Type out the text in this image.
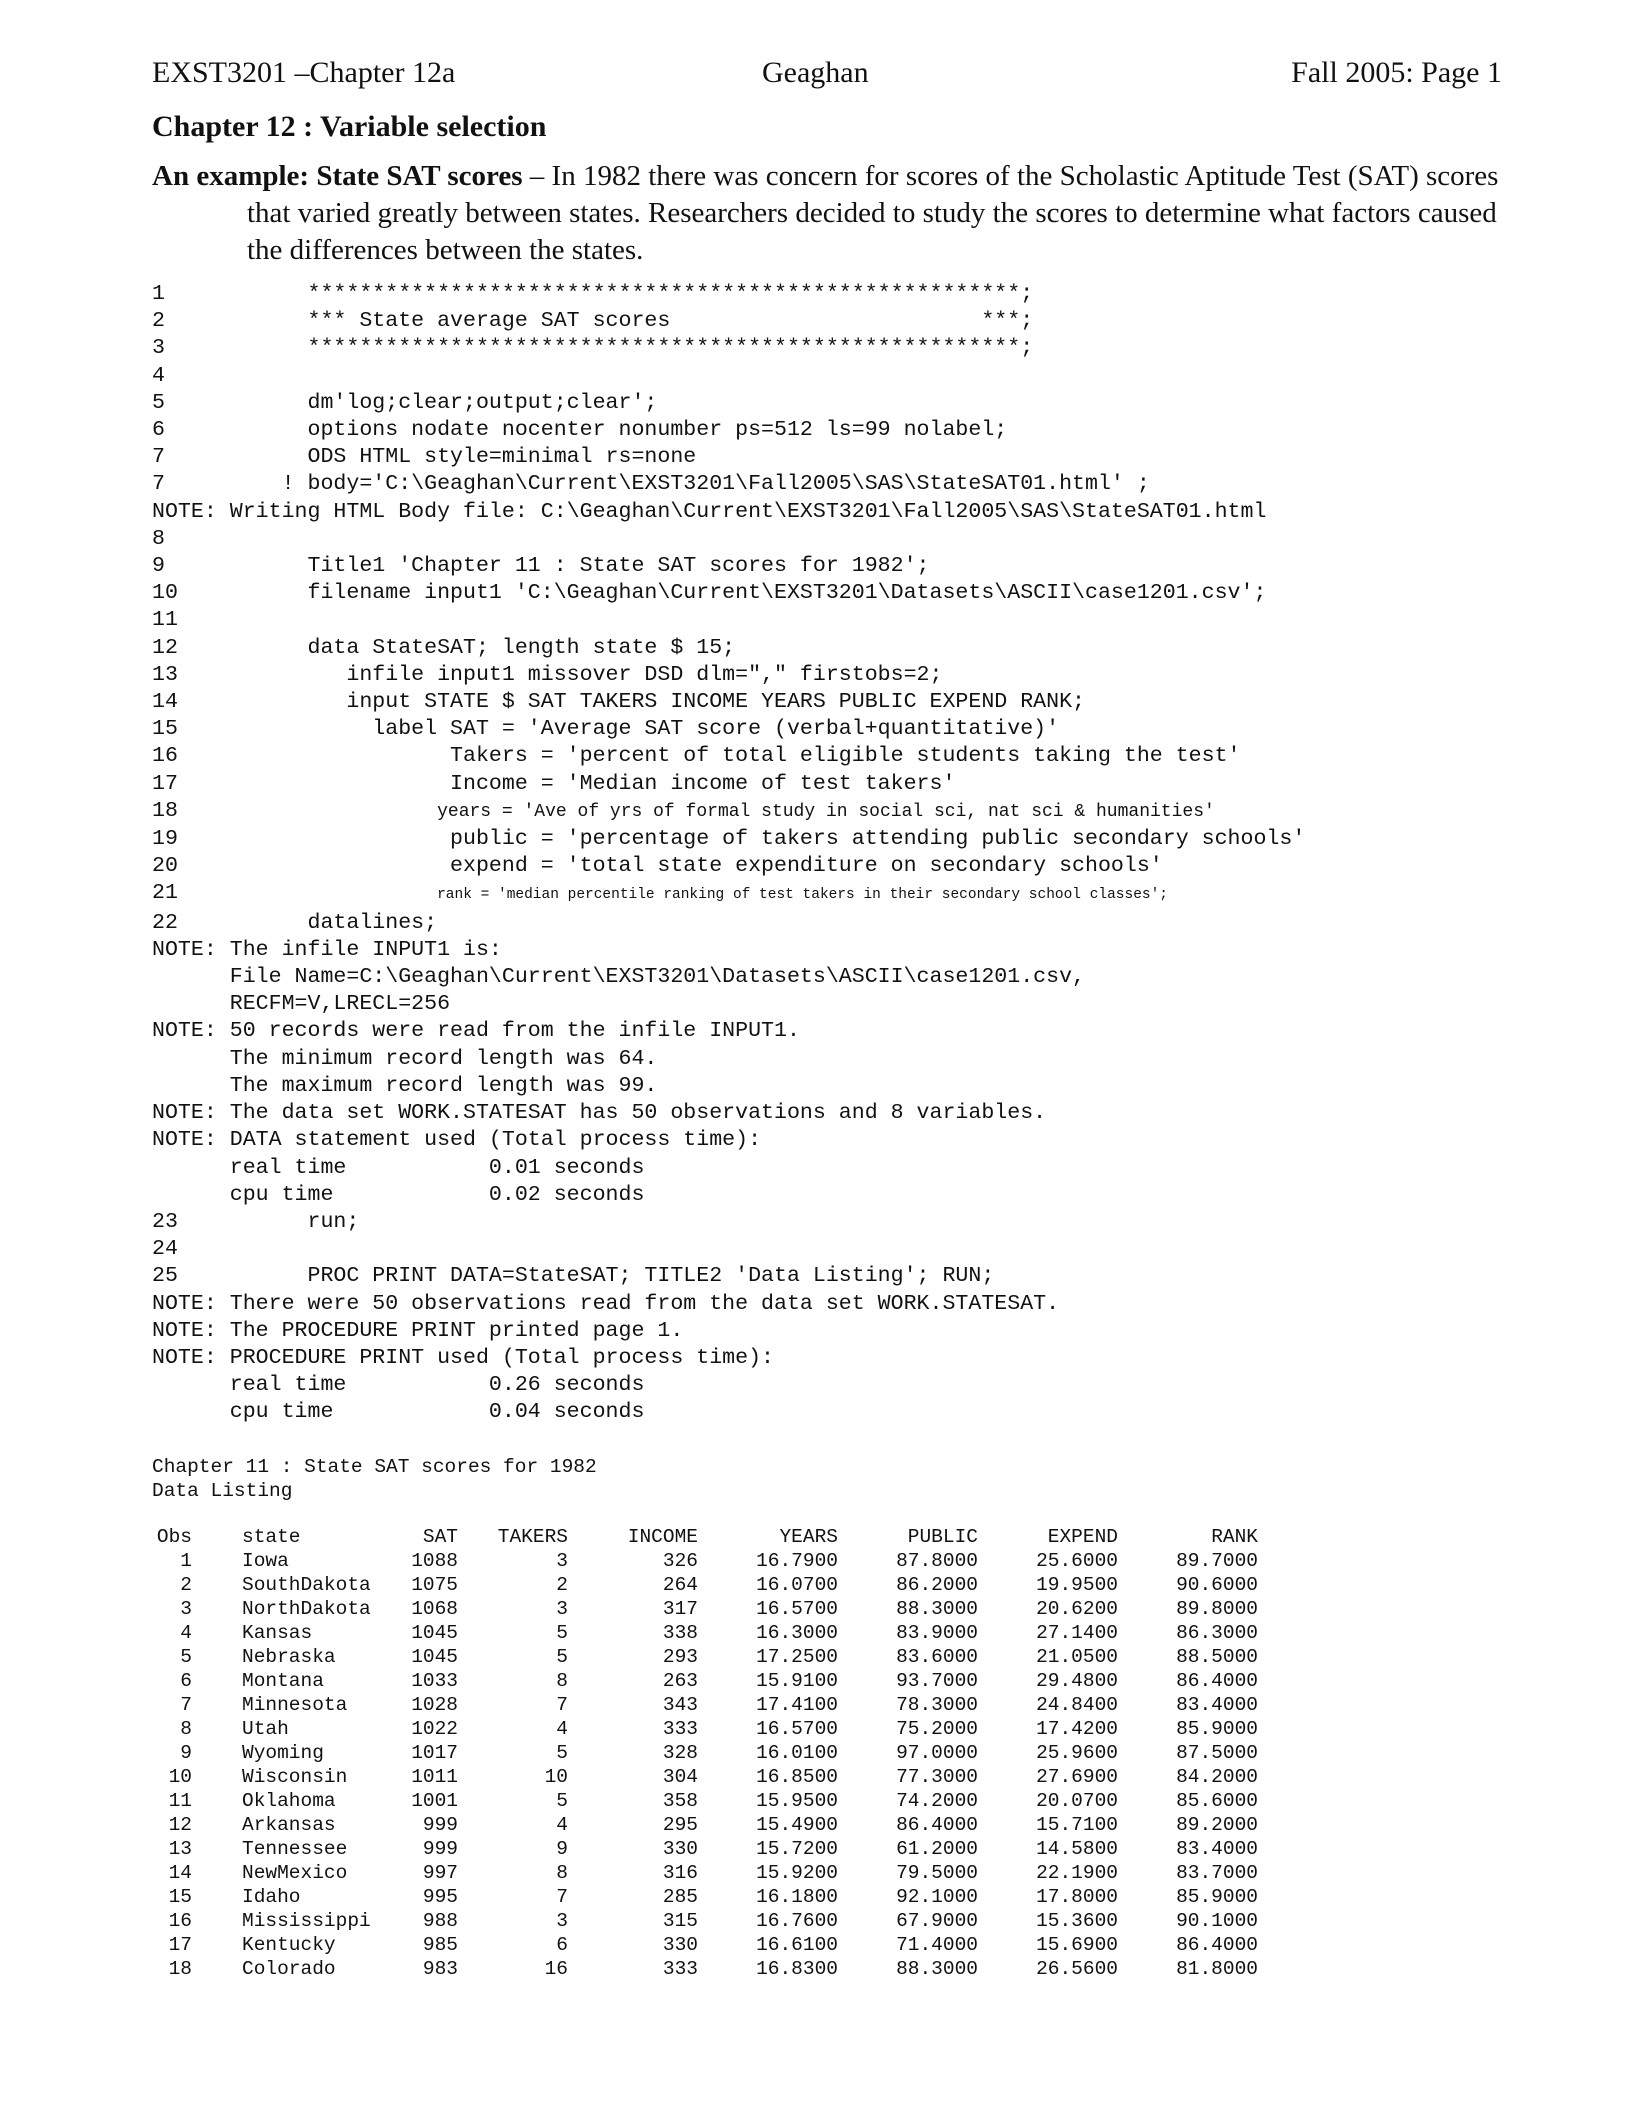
EXST3201 –Chapter 12a	Geaghan	Fall 2005: Page 1
Chapter 12 : Variable selection

An example: State SAT scores – In 1982 there was concern for scores of the Scholastic Aptitude Test (SAT) scores that varied greatly between states. Researchers decided to study the scores to determine what factors caused the differences between the states.

1           *******************************************************;
2           *** State average SAT scores                        ***;
3           *******************************************************;
4
5           dm'log;clear;output;clear';
6           options nodate nocenter nonumber ps=512 ls=99 nolabel;
7           ODS HTML style=minimal rs=none
7         ! body='C:\Geaghan\Current\EXST3201\Fall2005\SAS\StateSAT01.html' ;
NOTE: Writing HTML Body file: C:\Geaghan\Current\EXST3201\Fall2005\SAS\StateSAT01.html
8
9           Title1 'Chapter 11 : State SAT scores for 1982';
10          filename input1 'C:\Geaghan\Current\EXST3201\Datasets\ASCII\case1201.csv';
11
12          data StateSAT; length state $ 15;
13             infile input1 missover DSD dlm="," firstobs=2;
14             input STATE $ SAT TAKERS INCOME YEARS PUBLIC EXPEND RANK;
15               label SAT = 'Average SAT score (verbal+quantitative)'
16                     Takers = 'percent of total eligible students taking the test'
17                     Income = 'Median income of test takers'
18                    years = 'Ave of yrs of formal study in social sci, nat sci & humanities'
19                     public = 'percentage of takers attending public secondary schools'
20                     expend = 'total state expenditure on secondary schools'
21                    rank = 'median percentile ranking of test takers in their secondary school classes';
22          datalines;
NOTE: The infile INPUT1 is:
File Name=C:\Geaghan\Current\EXST3201\Datasets\ASCII\case1201.csv,
RECFM=V,LRECL=256
NOTE: 50 records were read from the infile INPUT1.
The minimum record length was 64.
The maximum record length was 99.
NOTE: The data set WORK.STATESAT has 50 observations and 8 variables.
NOTE: DATA statement used (Total process time):
real time           0.01 seconds
cpu time            0.02 seconds
23          run;
24
25          PROC PRINT DATA=StateSAT; TITLE2 'Data Listing'; RUN;
NOTE: There were 50 observations read from the data set WORK.STATESAT.
NOTE: The PROCEDURE PRINT printed page 1.
NOTE: PROCEDURE PRINT used (Total process time):
real time           0.26 seconds
cpu time            0.04 seconds

Chapter 11 : State SAT scores for 1982
Data Listing
Obs	state	SAT	TAKERS	INCOME	YEARS	PUBLIC	EXPEND	RANK
1	Iowa	1088	3	326	16.7900	87.8000	25.6000	89.7000
2	SouthDakota	1075	2	264	16.0700	86.2000	19.9500	90.6000
3	NorthDakota	1068	3	317	16.5700	88.3000	20.6200	89.8000
4	Kansas	1045	5	338	16.3000	83.9000	27.1400	86.3000
5	Nebraska	1045	5	293	17.2500	83.6000	21.0500	88.5000
6	Montana	1033	8	263	15.9100	93.7000	29.4800	86.4000
7	Minnesota	1028	7	343	17.4100	78.3000	24.8400	83.4000
8	Utah	1022	4	333	16.5700	75.2000	17.4200	85.9000
9	Wyoming	1017	5	328	16.0100	97.0000	25.9600	87.5000
10	Wisconsin	1011	10	304	16.8500	77.3000	27.6900	84.2000
11	Oklahoma	1001	5	358	15.9500	74.2000	20.0700	85.6000
12	Arkansas	999	4	295	15.4900	86.4000	15.7100	89.2000
13	Tennessee	999	9	330	15.7200	61.2000	14.5800	83.4000
14	NewMexico	997	8	316	15.9200	79.5000	22.1900	83.7000
15	Idaho	995	7	285	16.1800	92.1000	17.8000	85.9000
16	Mississippi	988	3	315	16.7600	67.9000	15.3600	90.1000
17	Kentucky	985	6	330	16.6100	71.4000	15.6900	86.4000
18	Colorado	983	16	333	16.8300	88.3000	26.5600	81.8000
